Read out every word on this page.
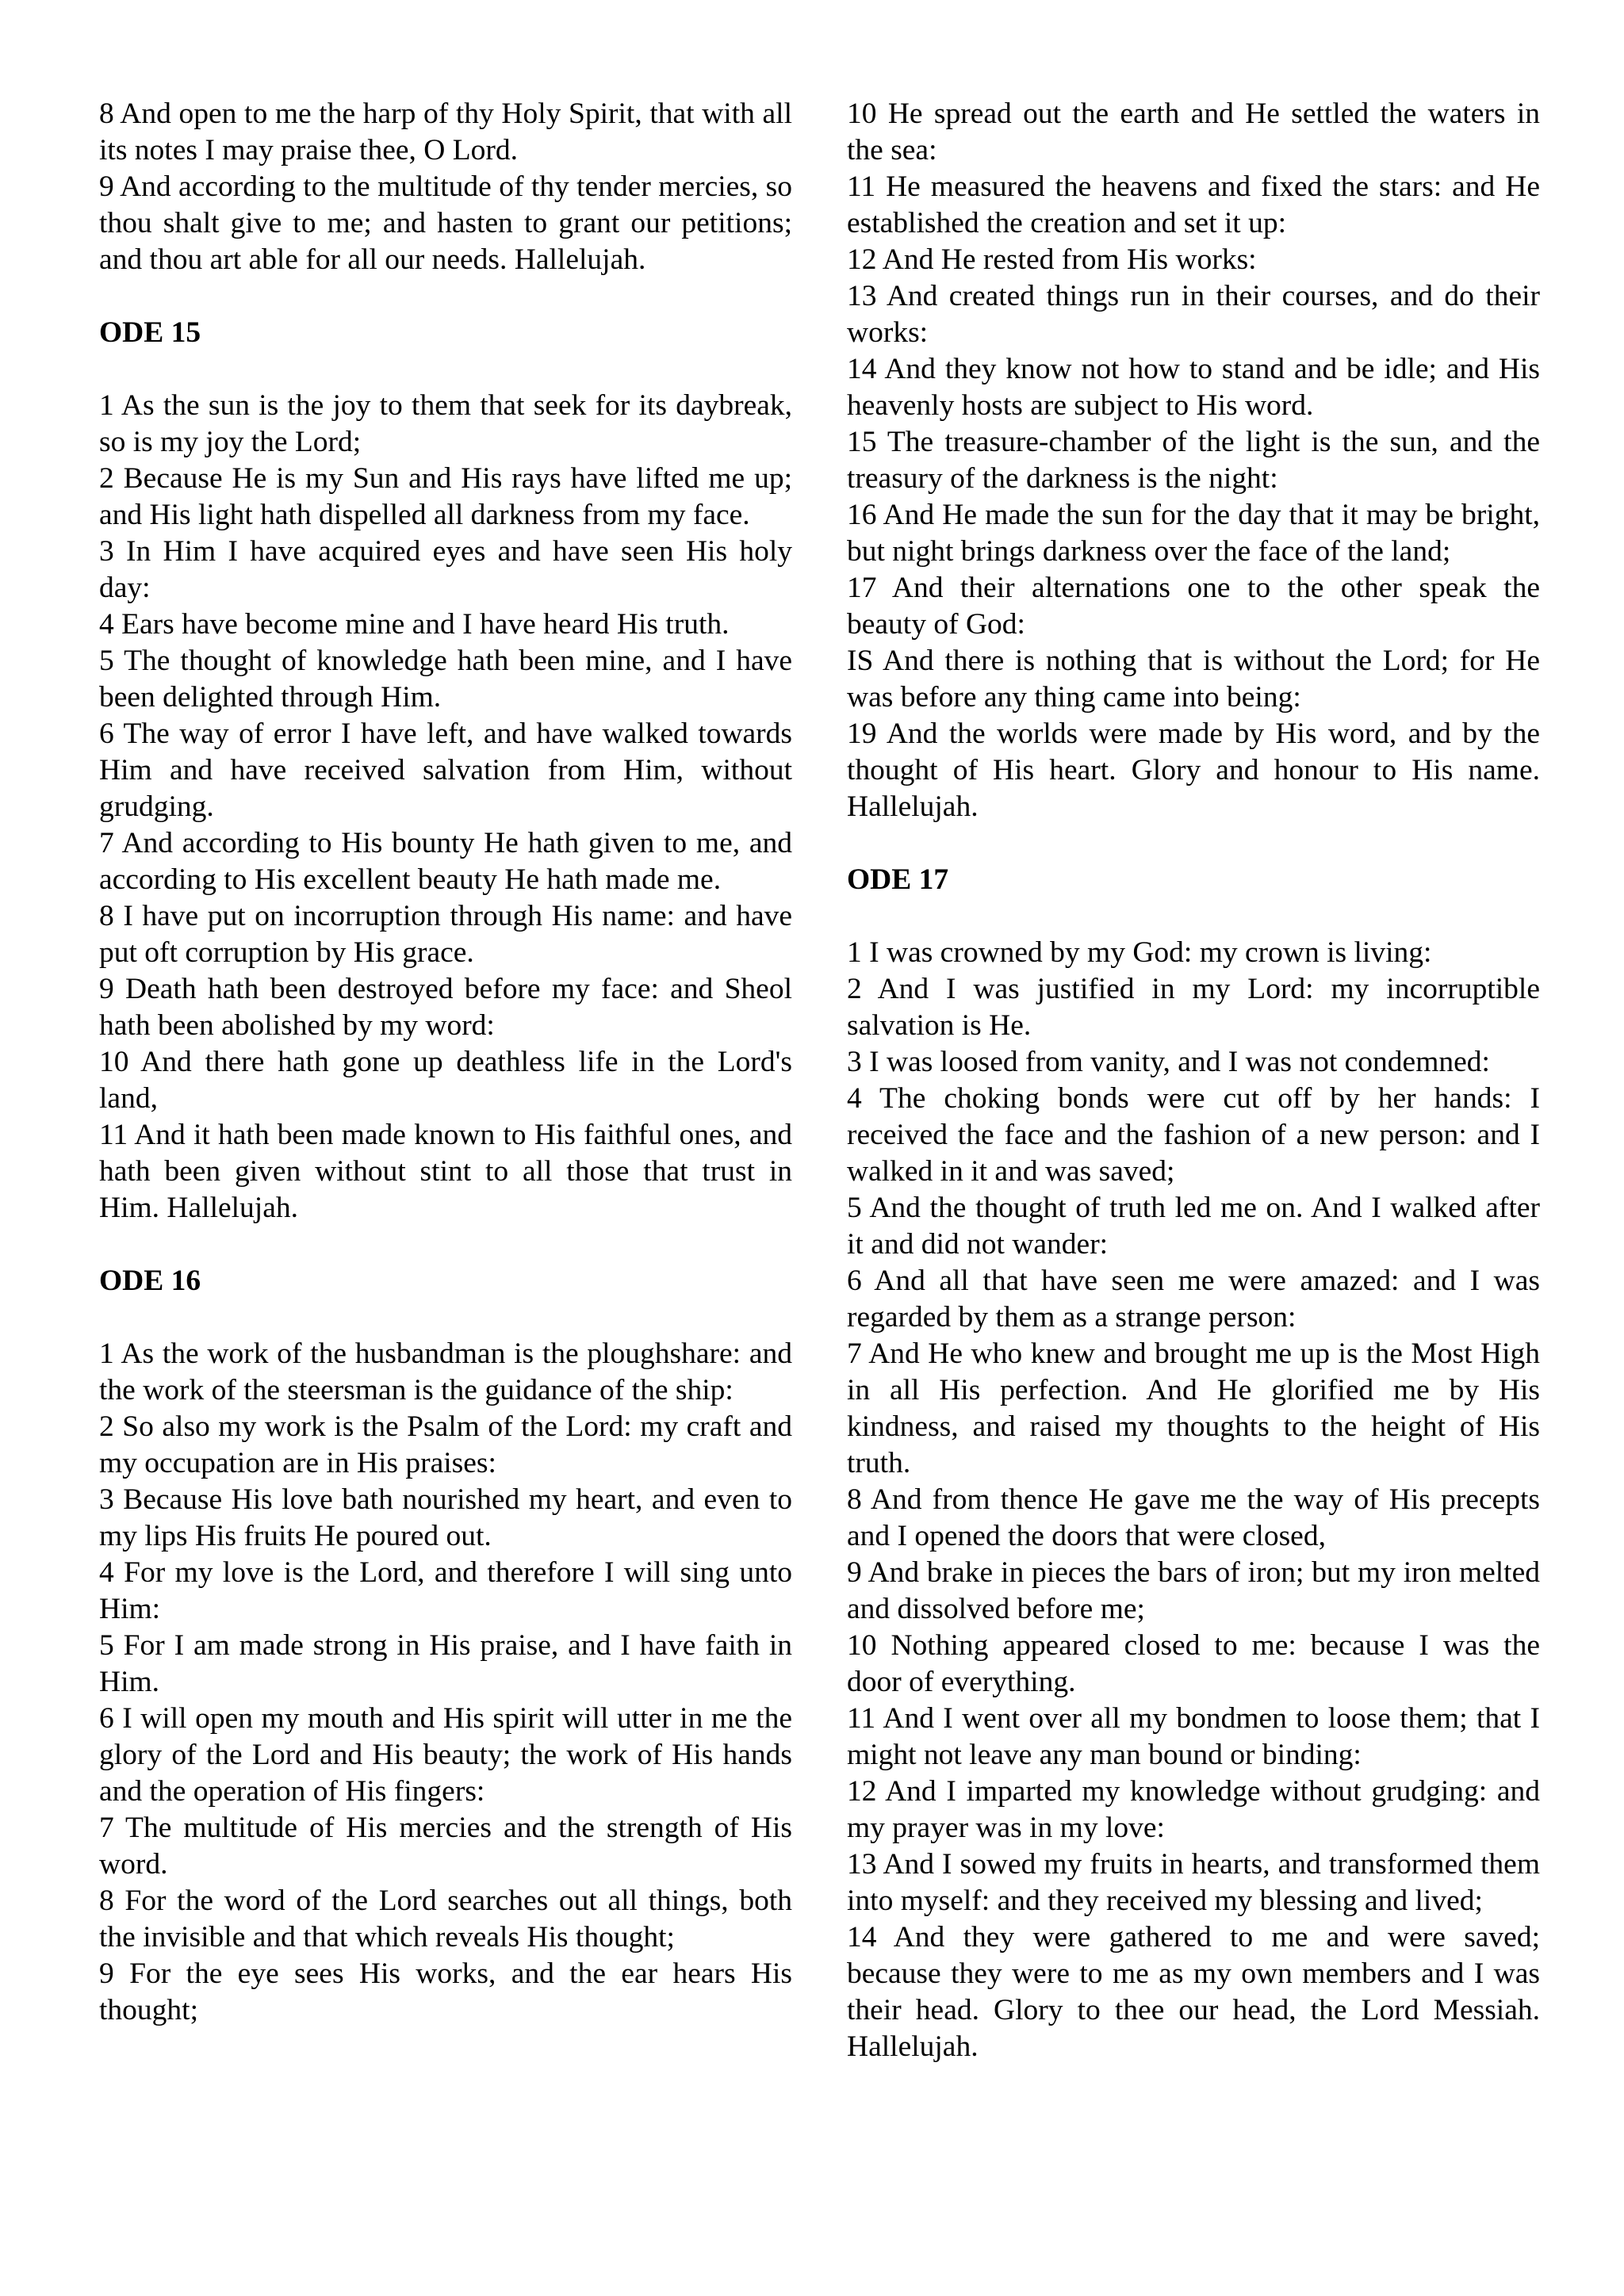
8 And open to me the harp of thy Holy Spirit, that with all its notes I may praise thee, O Lord.

9 And according to the multitude of thy tender mercies, so thou shalt give to me; and hasten to grant our petitions; and thou art able for all our needs. Hallelujah.

ODE 15

1 As the sun is the joy to them that seek for its daybreak, so is my joy the Lord;

2 Because He is my Sun and His rays have lifted me up; and His light hath dispelled all darkness from my face.

3 In Him I have acquired eyes and have seen His holy day:

4 Ears have become mine and I have heard His truth.

5 The thought of knowledge hath been mine, and I have been delighted through Him.

6 The way of error I have left, and have walked towards Him and have received salvation from Him, without grudging.

7 And according to His bounty He hath given to me, and according to His excellent beauty He hath made me.

8 I have put on incorruption through His name: and have put oft corruption by His grace.

9 Death hath been destroyed before my face: and Sheol hath been abolished by my word:

10 And there hath gone up deathless life in the Lord's land,

11 And it hath been made known to His faithful ones, and hath been given without stint to all those that trust in Him. Hallelujah.

ODE 16

1 As the work of the husbandman is the ploughshare: and the work of the steersman is the guidance of the ship:

2 So also my work is the Psalm of the Lord: my craft and my occupation are in His praises:

3 Because His love bath nourished my heart, and even to my lips His fruits He poured out.

4 For my love is the Lord, and therefore I will sing unto Him:

5 For I am made strong in His praise, and I have faith in Him.

6 I will open my mouth and His spirit will utter in me the glory of the Lord and His beauty; the work of His hands and the operation of His fingers:

7 The multitude of His mercies and the strength of His word.

8 For the word of the Lord searches out all things, both the invisible and that which reveals His thought;

9 For the eye sees His works, and the ear hears His thought;

10 He spread out the earth and He settled the waters in the sea:

11 He measured the heavens and fixed the stars: and He established the creation and set it up:

12 And He rested from His works:

13 And created things run in their courses, and do their works:

14 And they know not how to stand and be idle; and His heavenly hosts are subject to His word.

15 The treasure-chamber of the light is the sun, and the treasury of the darkness is the night:

16 And He made the sun for the day that it may be bright, but night brings darkness over the face of the land;

17 And their alternations one to the other speak the beauty of God:

IS And there is nothing that is without the Lord; for He was before any thing came into being:

19 And the worlds were made by His word, and by the thought of His heart. Glory and honour to His name. Hallelujah.

ODE 17

1 I was crowned by my God: my crown is living:

2 And I was justified in my Lord: my incorruptible salvation is He.

3 I was loosed from vanity, and I was not condemned:

4 The choking bonds were cut off by her hands: I received the face and the fashion of a new person: and I walked in it and was saved;

5 And the thought of truth led me on. And I walked after it and did not wander:

6 And all that have seen me were amazed: and I was regarded by them as a strange person:

7 And He who knew and brought me up is the Most High in all His perfection. And He glorified me by His kindness, and raised my thoughts to the height of His truth.

8 And from thence He gave me the way of His precepts and I opened the doors that were closed,

9 And brake in pieces the bars of iron; but my iron melted and dissolved before me;

10 Nothing appeared closed to me: because I was the door of everything.

11 And I went over all my bondmen to loose them; that I might not leave any man bound or binding:

12 And I imparted my knowledge without grudging: and my prayer was in my love:

13 And I sowed my fruits in hearts, and transformed them into myself: and they received my blessing and lived;

14 And they were gathered to me and were saved; because they were to me as my own members and I was their head. Glory to thee our head, the Lord Messiah. Hallelujah.
